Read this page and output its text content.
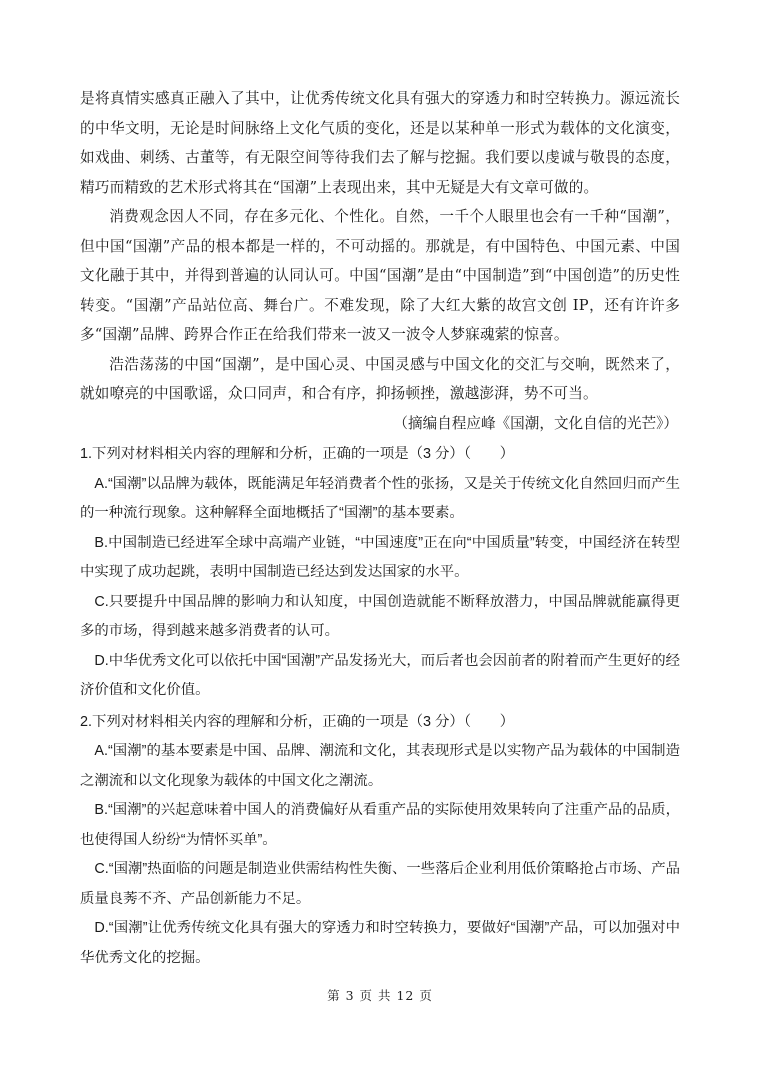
是将真情实感真正融入了其中，让优秀传统文化具有强大的穿透力和时空转换力。源远流长的中华文明，无论是时间脉络上文化气质的变化，还是以某种单一形式为载体的文化演变，如戏曲、刺绣、古董等，有无限空间等待我们去了解与挖掘。我们要以虔诚与敬畏的态度，精巧而精致的艺术形式将其在“国潮”上表现出来，其中无疑是大有文章可做的。

消费观念因人不同，存在多元化、个性化。自然，一千个人眼里也会有一千种“国潮”，但中国“国潮”产品的根本都是一样的，不可动摇的。那就是，有中国特色、中国元素、中国文化融于其中，并得到普遍的认同认可。中国“国潮”是由“中国制造”到“中国创造”的历史性转变。“国潮”产品站位高、舞台广。不难发现，除了大红大紫的故宫文创 IP，还有许许多多“国潮”品牌、跨界合作正在给我们带来一波又一波令人梦寐魂萦的惊喜。

浩浩荡荡的中国“国潮”，是中国心灵、中国灵感与中国文化的交汇与交响，既然来了，就如嘹亮的中国歌谣，众口同声，和合有序，抑扬顿挫，激越澎湃，势不可当。

（摘编自程应峰《国潮，文化自信的光芒》）

1.下列对材料相关内容的理解和分析，正确的一项是（3 分）（　　）

A.“国潮”以品牌为载体，既能满足年轻消费者个性的张扬，又是关于传统文化自然回归而产生的一种流行现象。这种解释全面地概括了“国潮”的基本要素。

B.中国制造已经进军全球中高端产业链，“中国速度”正在向“中国质量”转变，中国经济在转型中实现了成功起跳，表明中国制造已经达到发达国家的水平。

C.只要提升中国品牌的影响力和认知度，中国创造就能不断释放潜力，中国品牌就能赢得更多的市场，得到越来越多消费者的认可。

D.中华优秀文化可以依托中国“国潮”产品发扬光大，而后者也会因前者的附着而产生更好的经济价值和文化价值。

2.下列对材料相关内容的理解和分析，正确的一项是（3 分）（　　）

A.“国潮”的基本要素是中国、品牌、潮流和文化，其表现形式是以实物产品为载体的中国制造之潮流和以文化现象为载体的中国文化之潮流。

B.“国潮”的兴起意味着中国人的消费偏好从看重产品的实际使用效果转向了注重产品的品质，也使得国人纷纷“为情怀买单”。

C.“国潮”热面临的问题是制造业供需结构性失衡、一些落后企业利用低价策略抢占市场、产品质量良莠不齐、产品创新能力不足。

D.“国潮”让优秀传统文化具有强大的穿透力和时空转换力，要做好“国潮”产品，可以加强对中华优秀文化的挖掘。

第 3 页 共 12 页
